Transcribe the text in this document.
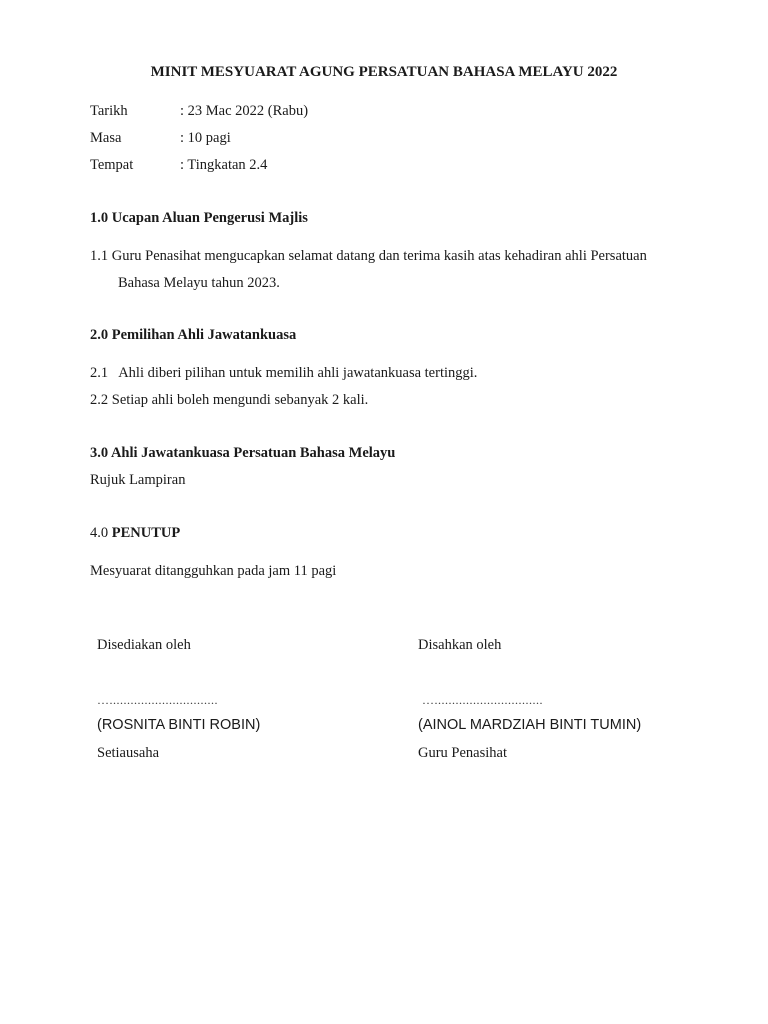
MINIT MESYUARAT AGUNG PERSATUAN BAHASA MELAYU 2022
Tarikh	: 23 Mac 2022 (Rabu)
Masa	: 10 pagi
Tempat	: Tingkatan 2.4
1.0 Ucapan Aluan Pengerusi Majlis
1.1 Guru Penasihat mengucapkan selamat datang dan terima kasih atas kehadiran ahli Persatuan
Bahasa Melayu tahun 2023.
2.0 Pemilihan Ahli Jawatankuasa
2.1   Ahli diberi pilihan untuk memilih ahli jawatankuasa tertinggi.
2.2 Setiap ahli boleh mengundi sebanyak 2 kali.
3.0 Ahli Jawatankuasa Persatuan Bahasa Melayu
Rujuk Lampiran
4.0 PENUTUP
Mesyuarat ditangguhkan pada jam 11 pagi
Disediakan oleh
…...............................
(ROSNITA BINTI ROBIN)
Setiausaha
Disahkan oleh
…...............................
(AINOL MARDZIAH BINTI TUMIN)
Guru Penasihat
